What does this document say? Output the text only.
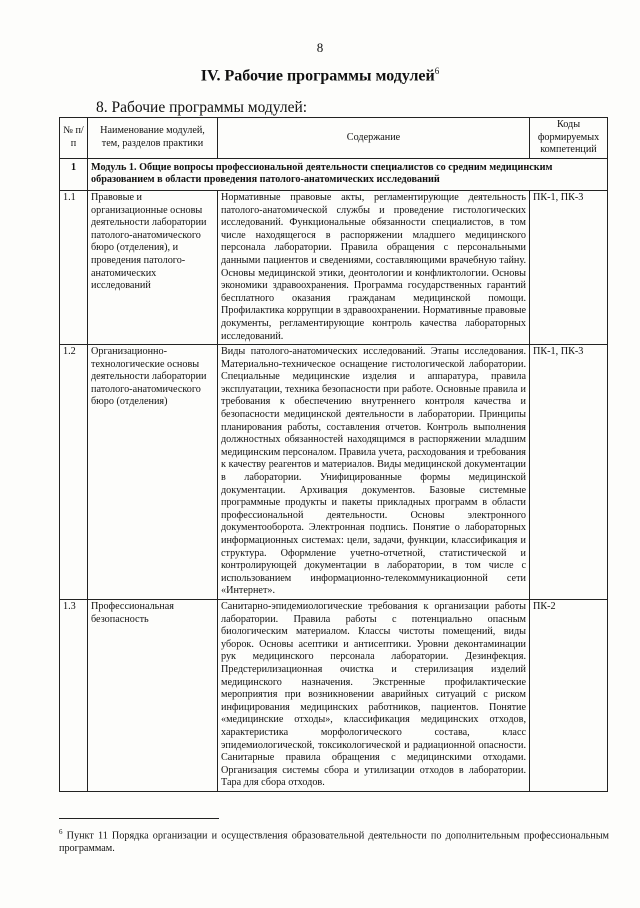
8
IV. Рабочие программы модулей$^6$
8. Рабочие программы модулей:
№ п/п	Наименование модулей, тем, разделов практики	Содержание	Коды формируемых компетенций
1	Модуль 1. Общие вопросы профессиональной деятельности специалистов со средним медицинским образованием в области проведения патолого-анатомических исследований		
1.1	Правовые и организационные основы деятельности лаборатории патолого-анатомического бюро (отделения), и проведения патолого-анатомических исследований	Нормативные правовые акты, регламентирующие деятельность патолого-анатомической службы и проведение гистологических исследований. Функциональные обязанности специалистов, в том числе находящегося в распоряжении младшего медицинского персонала лаборатории. Правила обращения с персональными данными пациентов и сведениями, составляющими врачебную тайну. Основы медицинской этики, деонтологии и конфликтологии. Основы экономики здравоохранения. Программа государственных гарантий бесплатного оказания гражданам медицинской помощи. Профилактика коррупции в здравоохранении. Нормативные правовые документы, регламентирующие контроль качества лабораторных исследований.	ПК-1, ПК-3
1.2	Организационно-технологические основы деятельности лаборатории патолого-анатомического бюро (отделения)	Виды патолого-анатомических исследований. Этапы исследования. Материально-техническое оснащение гистологической лаборатории. Специальные медицинские изделия и аппаратура, правила эксплуатации, техника безопасности при работе. Основные правила и требования к обеспечению внутреннего контроля качества и безопасности медицинской деятельности в лаборатории. Принципы планирования работы, составления отчетов. Контроль выполнения должностных обязанностей находящимся в распоряжении младшим медицинским персоналом. Правила учета, расходования и требования к качеству реагентов и материалов. Виды медицинской документации в лаборатории. Унифицированные формы медицинской документации. Архивация документов. Базовые системные программные продукты и пакеты прикладных программ в области профессиональной деятельности. Основы электронного документооборота. Электронная подпись. Понятие о лабораторных информационных системах: цели, задачи, функции, классификация и структура. Оформление учетно-отчетной, статистической и контролирующей документации в лаборатории, в том числе с использованием информационно-телекоммуникационной сети «Интернет».	ПК-1, ПК-3
1.3	Профессиональная безопасность	Санитарно-эпидемиологические требования к организации работы лаборатории. Правила работы с потенциально опасным биологическим материалом. Классы чистоты помещений, виды уборок. Основы асептики и антисептики. Уровни деконтаминации рук медицинского персонала лаборатории. Дезинфекция. Предстерилизационная очистка и стерилизация изделий медицинского назначения. Экстренные профилактические мероприятия при возникновении аварийных ситуаций с риском инфицирования медицинских работников, пациентов. Понятие «медицинские отходы», классификация медицинских отходов, характеристика морфологического состава, класс эпидемиологической, токсикологической и радиационной опасности. Санитарные правила обращения с медицинскими отходами. Организация системы сбора и утилизации отходов в лаборатории. Тара для сбора отходов.	ПК-2
$^6$ Пункт 11 Порядка организации и осуществления образовательной деятельности по дополнительным профессиональным программам.
